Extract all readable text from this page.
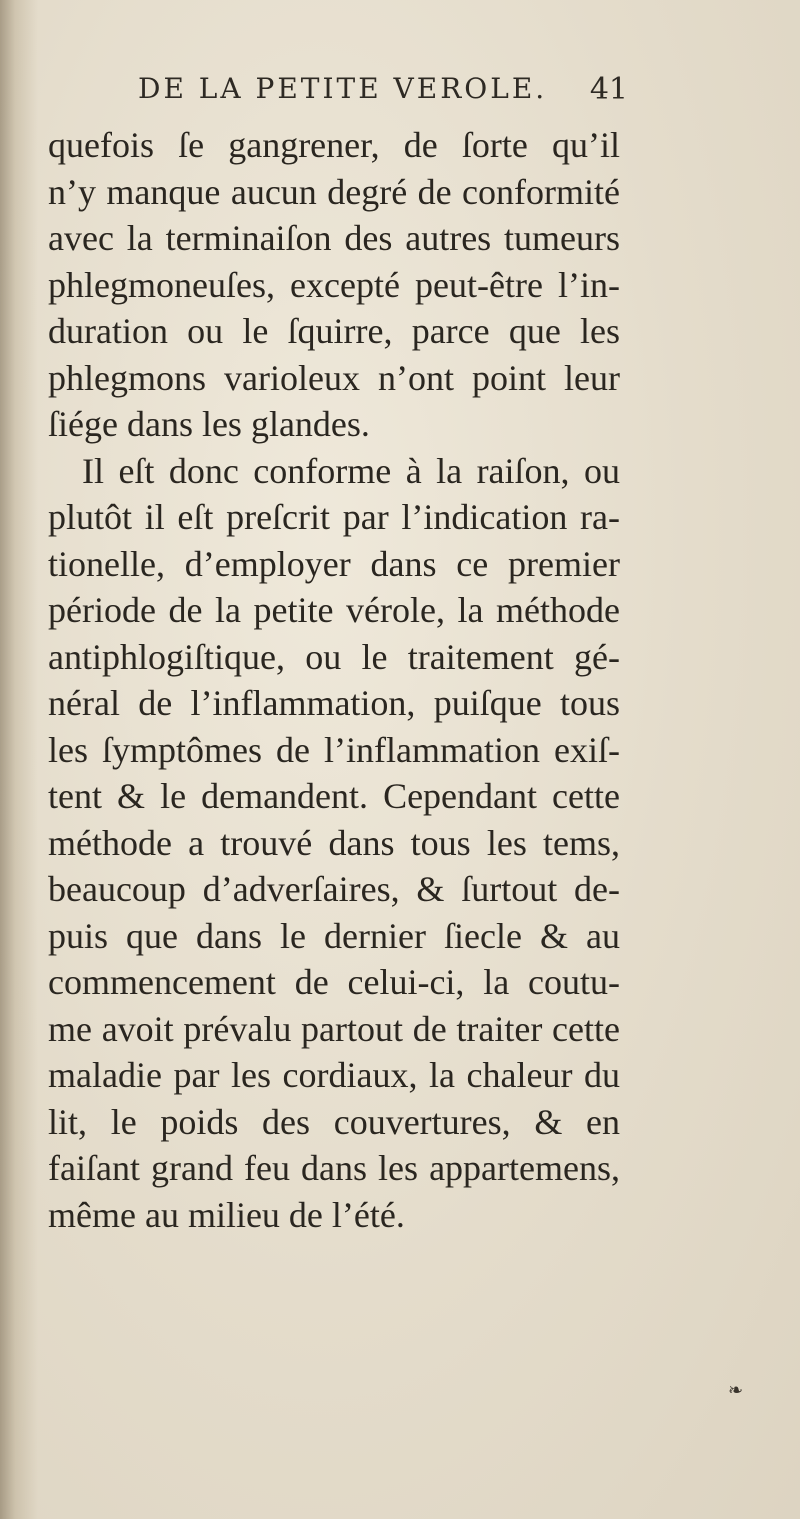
DE LA PETITE VEROLE. 41
quefois ſe gangrener, de ſorte qu’il
n’y manque aucun degré de conformité
avec la terminaiſon des autres tumeurs
phlegmoneuſes, excepté peut-être l’in-
duration ou le ſquirre, parce que les
phlegmons varioleux n’ont point leur
ſiége dans les glandes.
Il eſt donc conforme à la raiſon, ou
plutôt il eſt preſcrit par l’indication ra-
tionelle, d’employer dans ce premier
période de la petite vérole, la méthode
antiphlogiſtique, ou le traitement gé-
néral de l’inflammation, puiſque tous
les ſymptômes de l’inflammation exiſ-
tent & le demandent. Cependant cette
méthode a trouvé dans tous les tems,
beaucoup d’adverſaires, & ſurtout de-
puis que dans le dernier ſiecle & au
commencement de celui-ci, la coutu-
me avoit prévalu partout de traiter cette
maladie par les cordiaux, la chaleur du
lit, le poids des couvertures, & en
faiſant grand feu dans les appartemens,
même au milieu de l’été.
❧
